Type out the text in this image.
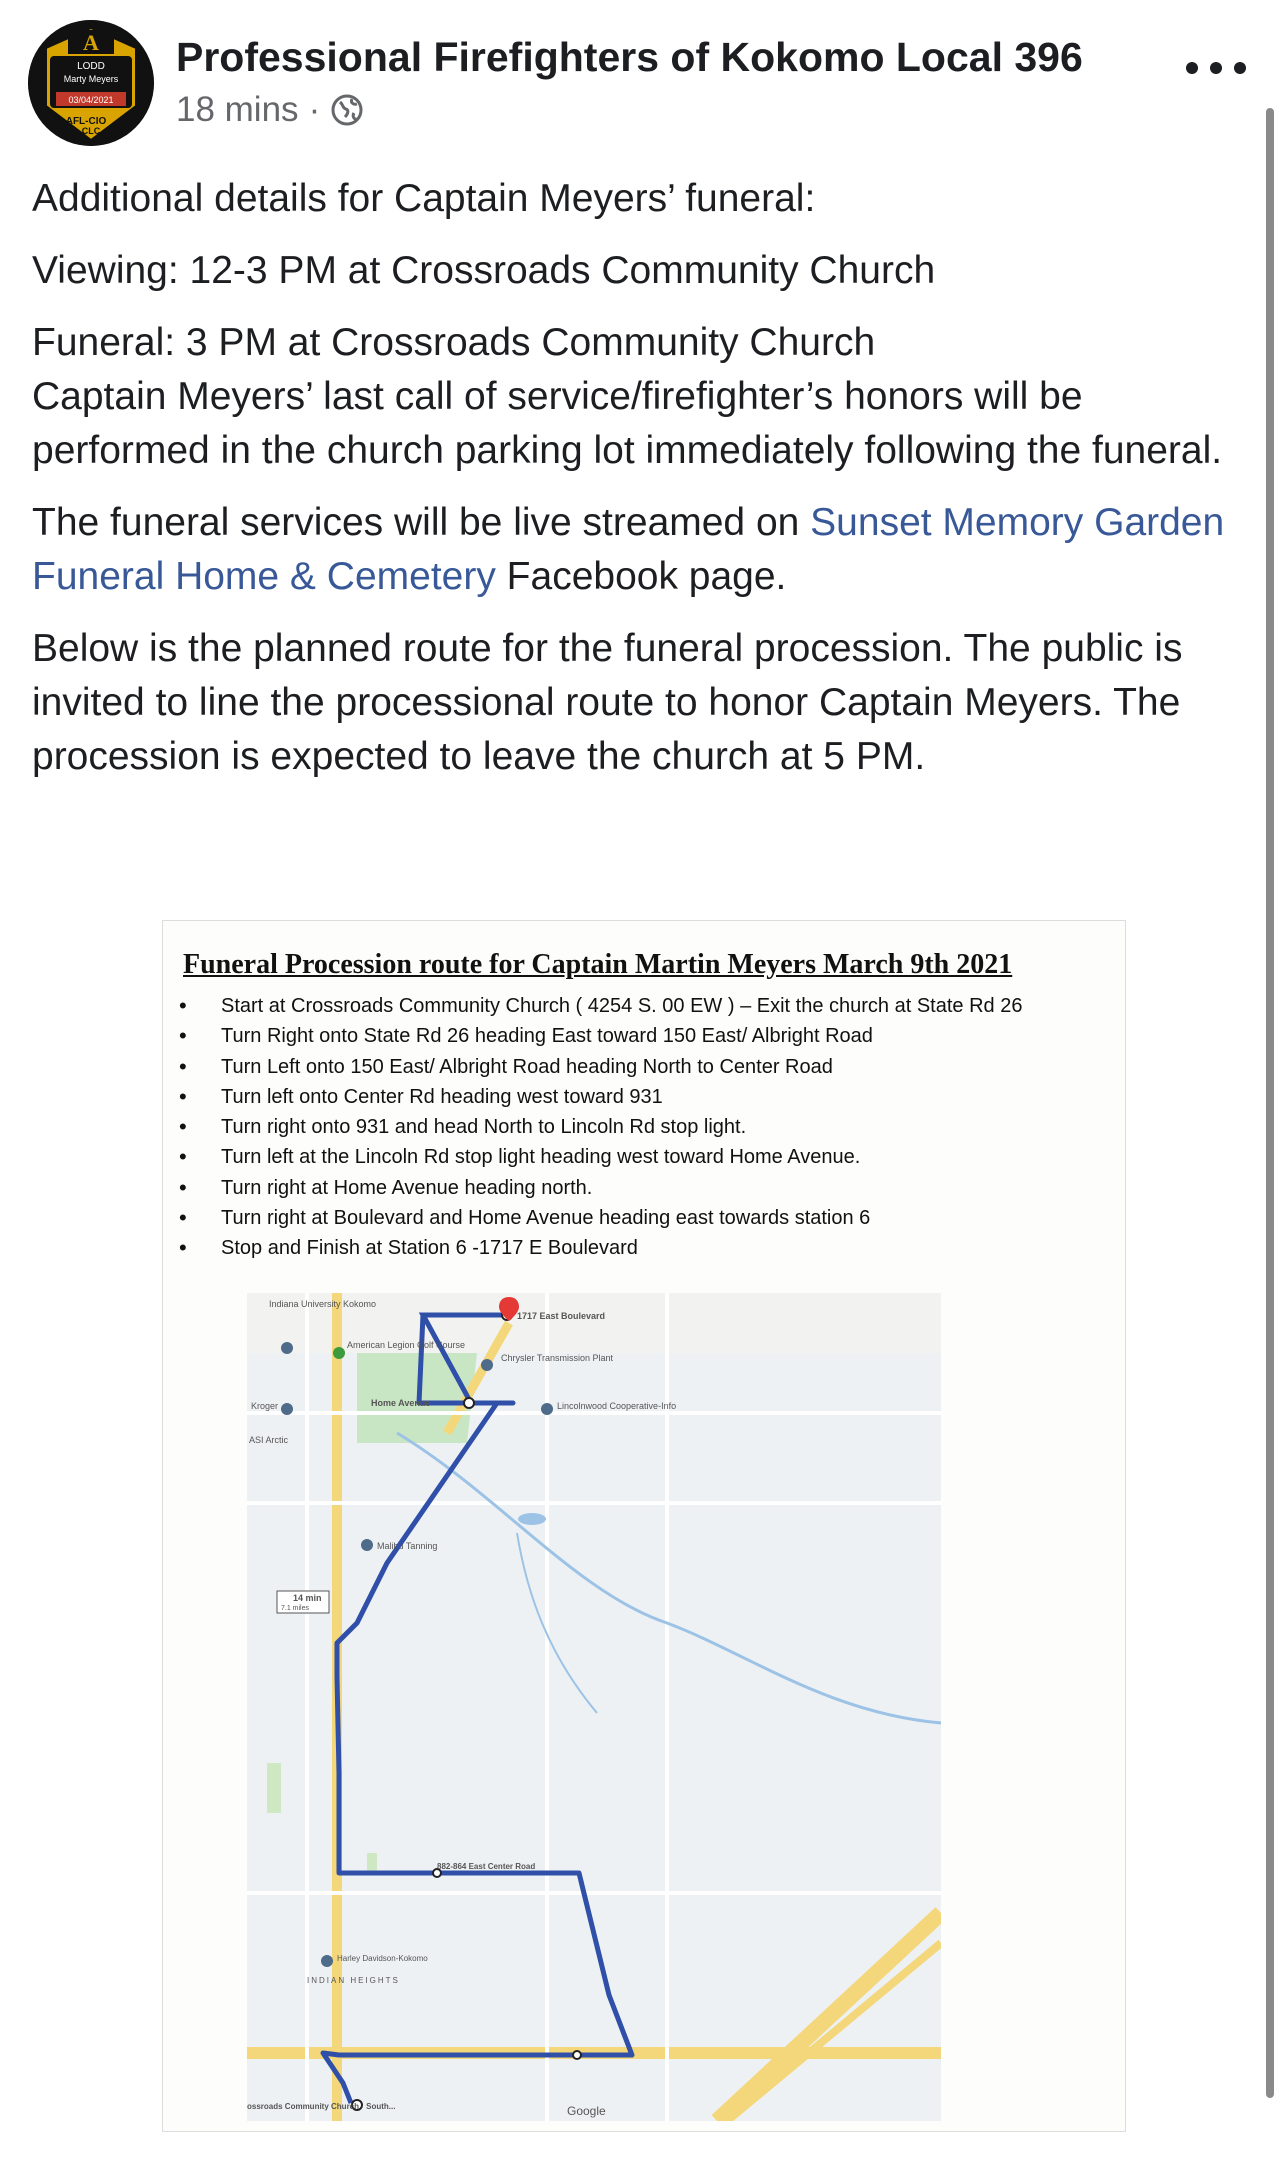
A
LODD
Marty Meyers
03/04/2021
AFL-CIO
CLC
Professional Firefighters of Kokomo Local 396
18 mins ·

Additional details for Captain Meyers’ funeral:

Viewing: 12-3 PM at Crossroads Community Church

Funeral: 3 PM at Crossroads Community Church
Captain Meyers’ last call of service/firefighter’s honors will be performed in the church parking lot immediately following the funeral.

The funeral services will be live streamed on Sunset Memory Garden Funeral Home & Cemetery Facebook page.

Below is the planned route for the funeral procession. The public is invited to line the processional route to honor Captain Meyers. The procession is expected to leave the church at 5 PM.

Funeral Procession route for Captain Martin Meyers March 9th 2021
• Start at Crossroads Community Church ( 4254 S. 00 EW ) – Exit the church at State Rd 26
• Turn Right onto State Rd 26 heading East toward 150 East/ Albright Road
• Turn Left onto 150 East/ Albright Road heading North to Center Road
• Turn left onto Center Rd heading west toward 931
• Turn right onto 931 and head North to Lincoln Rd stop light.
• Turn left at the Lincoln Rd stop light heading west toward Home Avenue.
• Turn right at Home Avenue heading north.
• Turn right at Boulevard and Home Avenue heading east towards station 6
• Stop and Finish at Station 6 -1717 E Boulevard
Indiana University Kokomo
American Legion Golf Course
Chrysler Transmission Plant
Kroger	Home Avenue	Lincolnwood Cooperative-Info
ASI Arctic
Malibu Tanning
14 min
7.1 miles
882-864 East Center Road
Harley Davidson-Kokomo
INDIAN HEIGHTS
ossroads Community Church · South...
1717 East Boulevard
Google
